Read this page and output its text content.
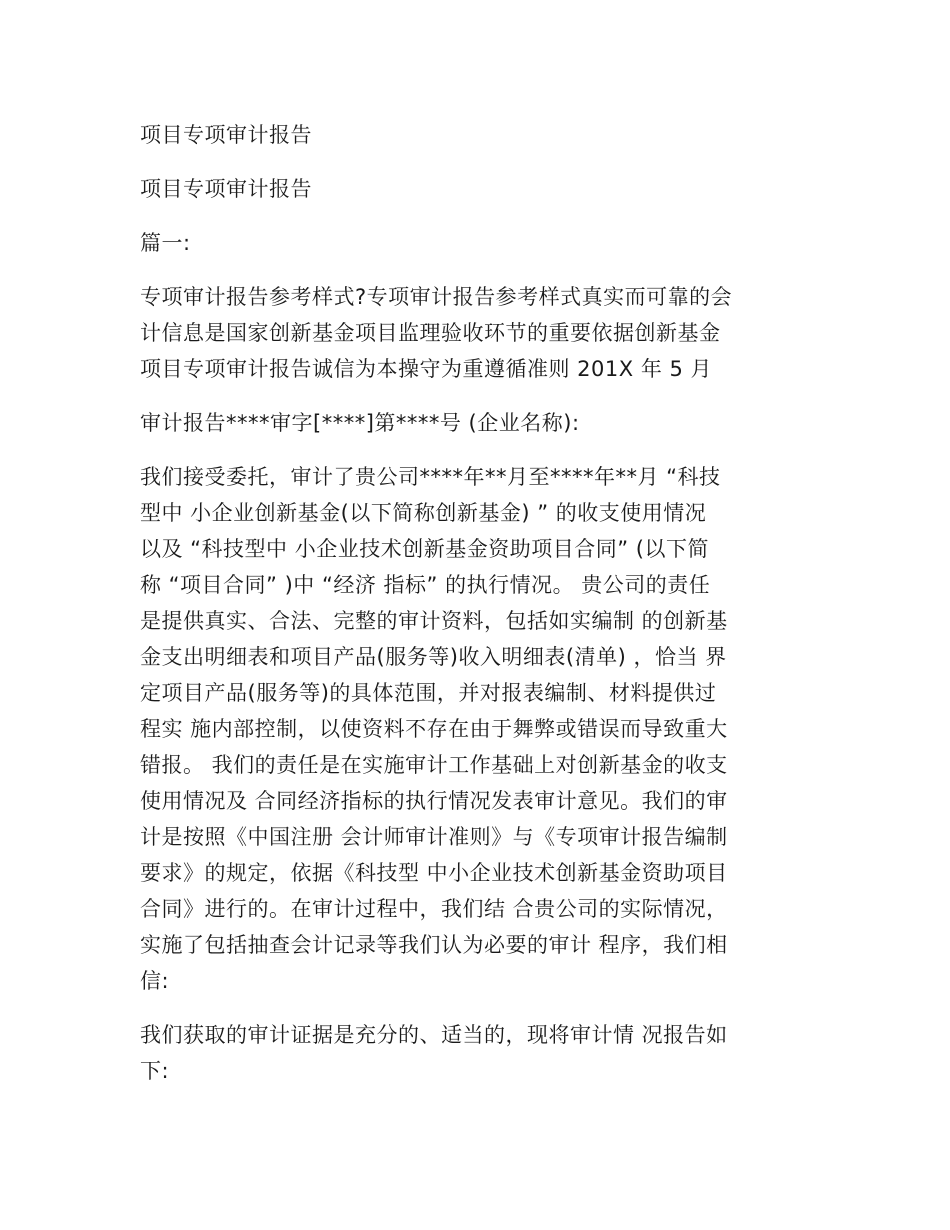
项目专项审计报告

项目专项审计报告

篇一:

专项审计报告参考样式?专项审计报告参考样式真实而可靠的会
计信息是国家创新基金项目监理验收环节的重要依据创新基金
项目专项审计报告诚信为本操守为重遵循准则 201X 年 5 月

审计报告****审字[****]第****号 (企业名称):

我们接受委托，审计了贵公司****年**月至****年**月 “科技
型中 小企业创新基金(以下简称创新基金) ” 的收支使用情况
以及 “科技型中 小企业技术创新基金资助项目合同” (以下简
称 “项目合同” )中 “经济 指标” 的执行情况。 贵公司的责任
是提供真实、合法、完整的审计资料，包括如实编制 的创新基
金支出明细表和项目产品(服务等)收入明细表(清单) ，恰当 界
定项目产品(服务等)的具体范围，并对报表编制、材料提供过
程实 施内部控制，以使资料不存在由于舞弊或错误而导致重大
错报。 我们的责任是在实施审计工作基础上对创新基金的收支
使用情况及 合同经济指标的执行情况发表审计意见。我们的审
计是按照《中国注册 会计师审计准则》与《专项审计报告编制
要求》的规定，依据《科技型 中小企业技术创新基金资助项目
合同》进行的。在审计过程中，我们结 合贵公司的实际情况，
实施了包括抽查会计记录等我们认为必要的审计 程序，我们相
信:

我们获取的审计证据是充分的、适当的，现将审计情 况报告如
下:
